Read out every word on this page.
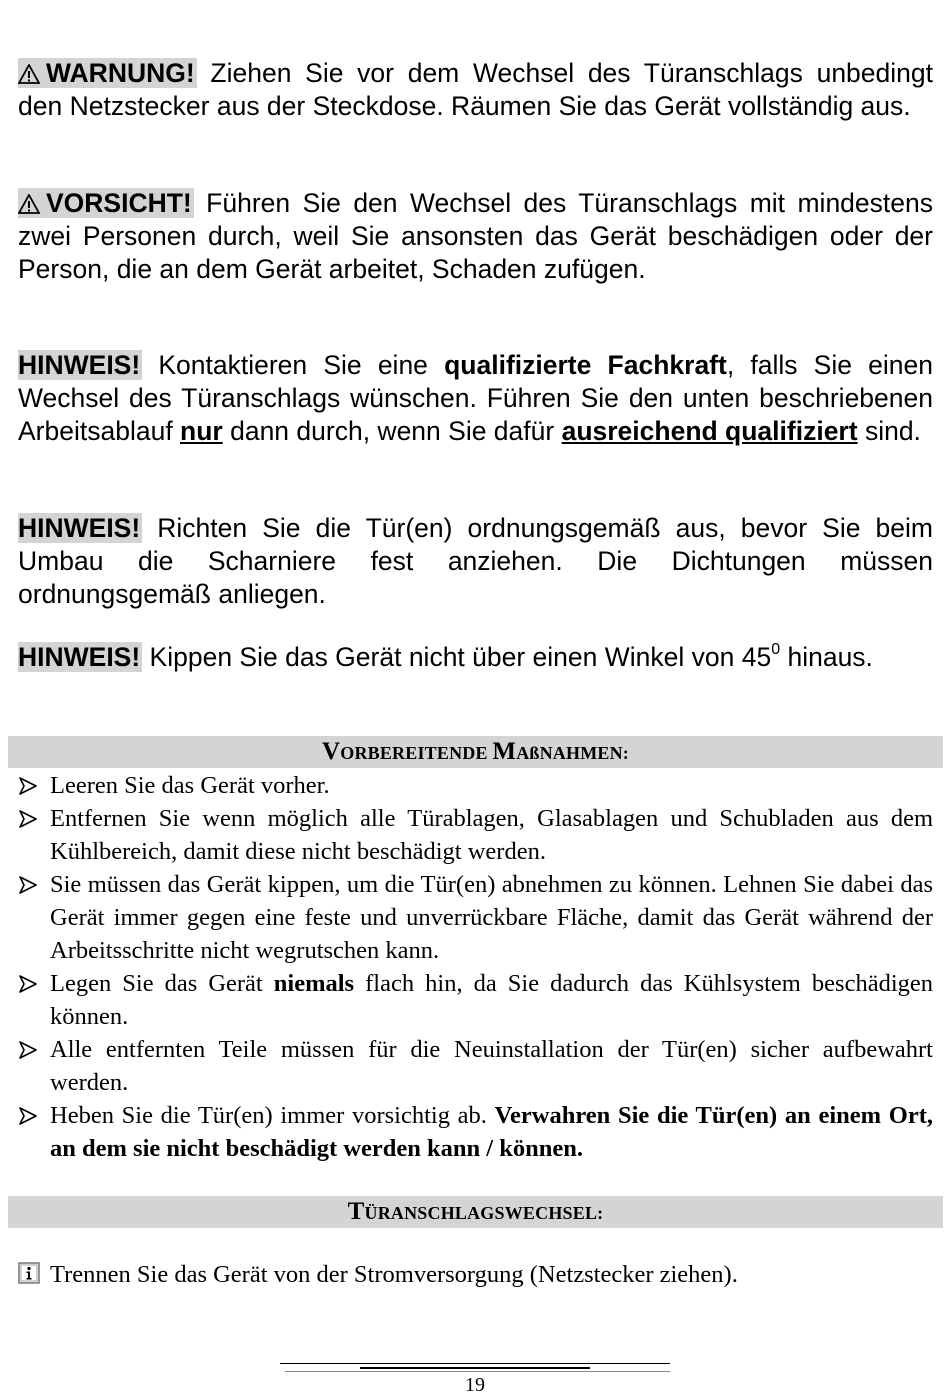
WARNUNG! Ziehen Sie vor dem Wechsel des Türanschlags unbedingt den Netzstecker aus der Steckdose. Räumen Sie das Gerät vollständig aus.
VORSICHT! Führen Sie den Wechsel des Türanschlags mit mindestens zwei Personen durch, weil Sie ansonsten das Gerät beschädigen oder der Person, die an dem Gerät arbeitet, Schaden zufügen.
HINWEIS! Kontaktieren Sie eine qualifizierte Fachkraft, falls Sie einen Wechsel des Türanschlags wünschen. Führen Sie den unten beschriebenen Arbeitsablauf nur dann durch, wenn Sie dafür ausreichend qualifiziert sind.
HINWEIS! Richten Sie die Tür(en) ordnungsgemäß aus, bevor Sie beim Umbau die Scharniere fest anziehen. Die Dichtungen müssen ordnungsgemäß anliegen.
HINWEIS! Kippen Sie das Gerät nicht über einen Winkel von $45^0$ hinaus.
VORBEREITENDE MAßNAHMEN:
Leeren Sie das Gerät vorher.
Entfernen Sie wenn möglich alle Türablagen, Glasablagen und Schubladen aus dem Kühlbereich, damit diese nicht beschädigt werden.
Sie müssen das Gerät kippen, um die Tür(en) abnehmen zu können. Lehnen Sie dabei das Gerät immer gegen eine feste und unverrückbare Fläche, damit das Gerät während der Arbeitsschritte nicht wegrutschen kann.
Legen Sie das Gerät niemals flach hin, da Sie dadurch das Kühlsystem beschädigen können.
Alle entfernten Teile müssen für die Neuinstallation der Tür(en) sicher aufbewahrt werden.
Heben Sie die Tür(en) immer vorsichtig ab. Verwahren Sie die Tür(en) an einem Ort, an dem sie nicht beschädigt werden kann / können.
TÜRANSCHLAGSWECHSEL:
Trennen Sie das Gerät von der Stromversorgung (Netzstecker ziehen).
19
